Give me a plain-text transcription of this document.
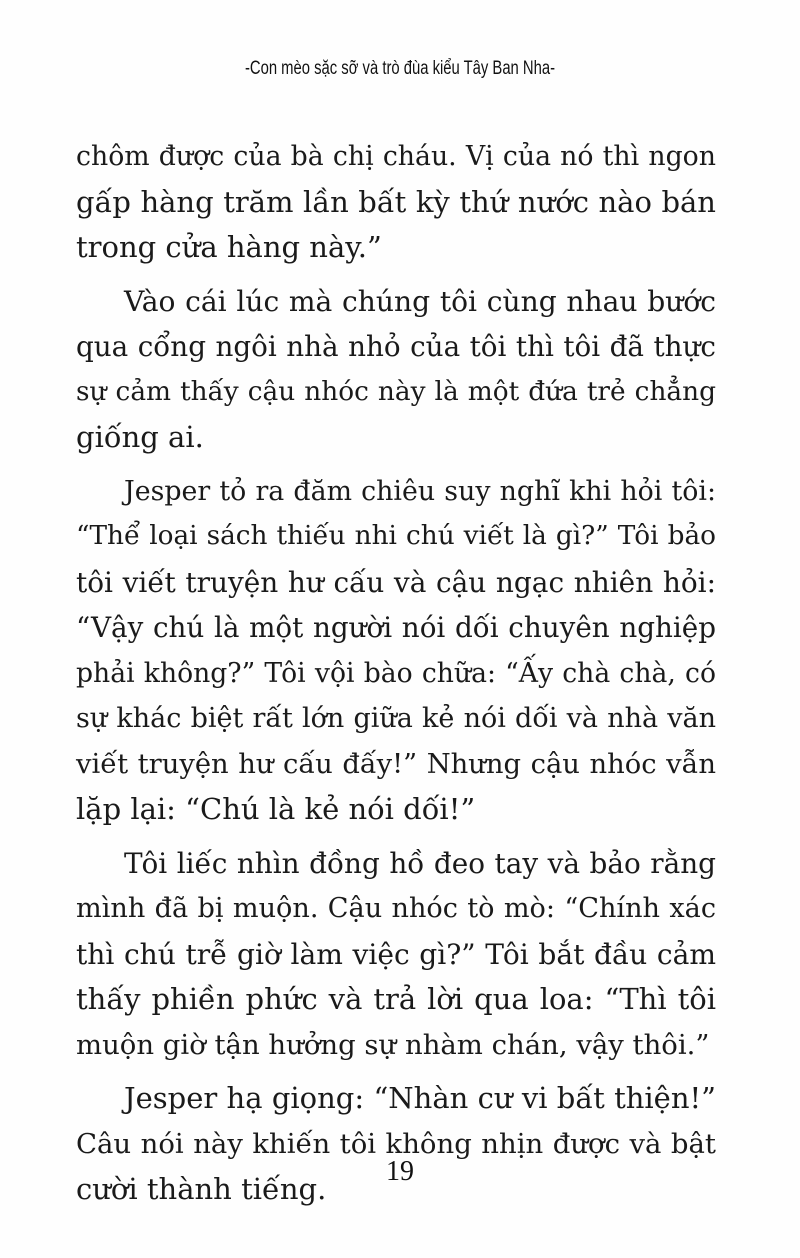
-Con mèo sặc sỡ và trò đùa kiểu Tây Ban Nha-
chôm được của bà chị cháu. Vị của nó thì ngon
gấp hàng trăm lần bất kỳ thứ nước nào bán
trong cửa hàng này.”
Vào cái lúc mà chúng tôi cùng nhau bước
qua cổng ngôi nhà nhỏ của tôi thì tôi đã thực
sự cảm thấy cậu nhóc này là một đứa trẻ chẳng
giống ai.
Jesper tỏ ra đăm chiêu suy nghĩ khi hỏi tôi:
“Thể loại sách thiếu nhi chú viết là gì?” Tôi bảo
tôi viết truyện hư cấu và cậu ngạc nhiên hỏi:
“Vậy chú là một người nói dối chuyên nghiệp
phải không?” Tôi vội bào chữa: “Ấy chà chà, có
sự khác biệt rất lớn giữa kẻ nói dối và nhà văn
viết truyện hư cấu đấy!” Nhưng cậu nhóc vẫn
lặp lại: “Chú là kẻ nói dối!”
Tôi liếc nhìn đồng hồ đeo tay và bảo rằng
mình đã bị muộn. Cậu nhóc tò mò: “Chính xác
thì chú trễ giờ làm việc gì?” Tôi bắt đầu cảm
thấy phiền phức và trả lời qua loa: “Thì tôi
muộn giờ tận hưởng sự nhàm chán, vậy thôi.”
Jesper hạ giọng: “Nhàn cư vi bất thiện!”
Câu nói này khiến tôi không nhịn được và bật
cười thành tiếng.
19
